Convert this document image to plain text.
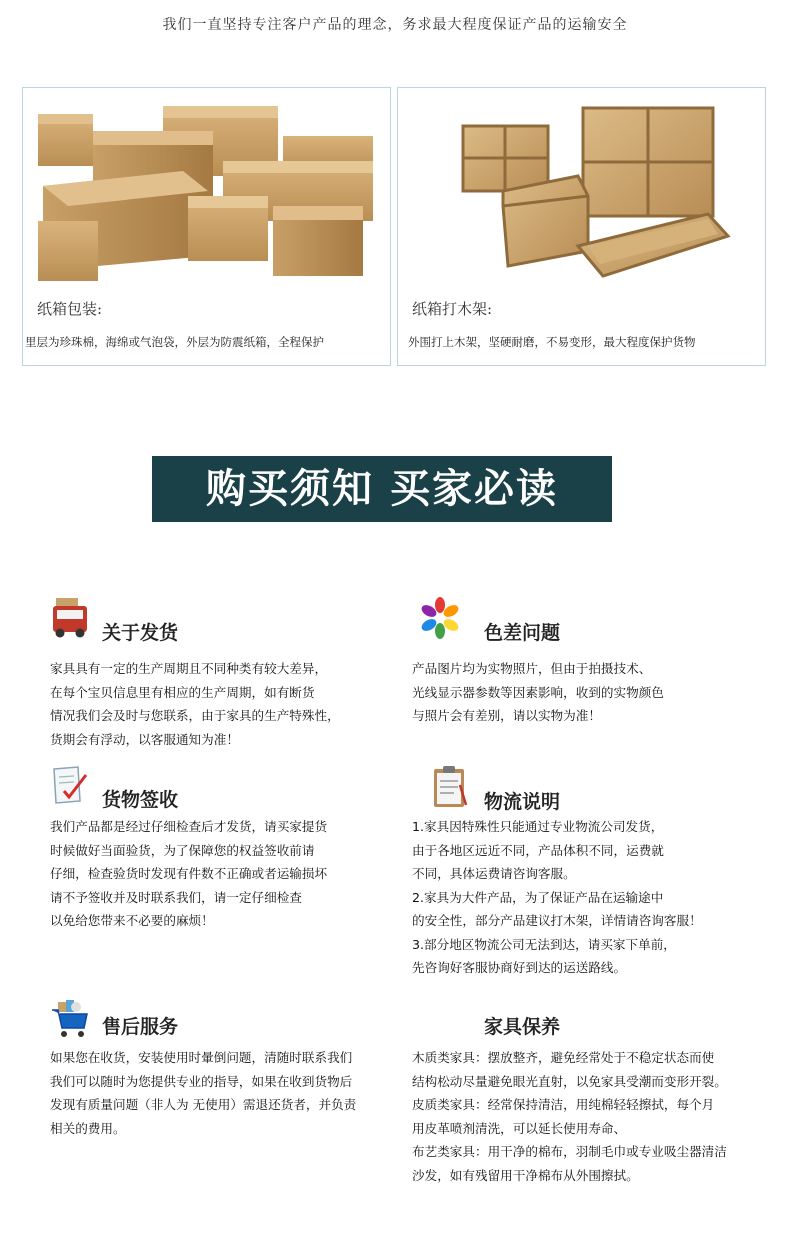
我们一直坚持专注客户产品的理念，务求最大程度保证产品的运输安全
纸箱包装:
里层为珍珠棉，海绵或气泡袋，外层为防震纸箱，全程保护
纸箱打木架:
外围打上木架，坚硬耐磨，不易变形，最大程度保护货物
购买须知 买家必读
关于发货
家具具有一定的生产周期且不同种类有较大差异，
在每个宝贝信息里有相应的生产周期，如有断货
情况我们会及时与您联系，由于家具的生产特殊性，
货期会有浮动，以客服通知为准！
色差问题
产品图片均为实物照片，但由于拍摄技术、
光线显示器参数等因素影响，收到的实物颜色
与照片会有差别，请以实物为准！
货物签收
我们产品都是经过仔细检查后才发货，请买家提货
时候做好当面验货，为了保障您的权益签收前请
仔细，检查验货时发现有件数不正确或者运输损坏
请不予签收并及时联系我们，请一定仔细检查
以免给您带来不必要的麻烦！
物流说明
1.家具因特殊性只能通过专业物流公司发货，
由于各地区远近不同，产品体积不同，运费就
不同，具体运费请咨询客服。
2.家具为大件产品，为了保证产品在运输途中
的安全性，部分产品建议打木架，详情请咨询客服！
3.部分地区物流公司无法到达，请买家下单前，
先咨询好客服协商好到达的运送路线。
售后服务
如果您在收货，安装使用时暈倒问题，清随时联系我们
我们可以随时为您提供专业的指导，如果在收到货物后
发现有质量问题（非人为 无使用）需退还货者，并负责
相关的费用。
家具保养
木质类家具：摆放整齐，避免经常处于不稳定状态而使
结构松动尽量避免眼光直射，以免家具受潮而变形开裂。
皮质类家具：经常保持清洁，用纯棉轻轻擦拭，每个月
用皮革喷剂清洗，可以延长使用寿命、
布艺类家具：用干净的棉布，羽制毛巾或专业吸尘器清洁
沙发，如有残留用干净棉布从外围擦拭。
